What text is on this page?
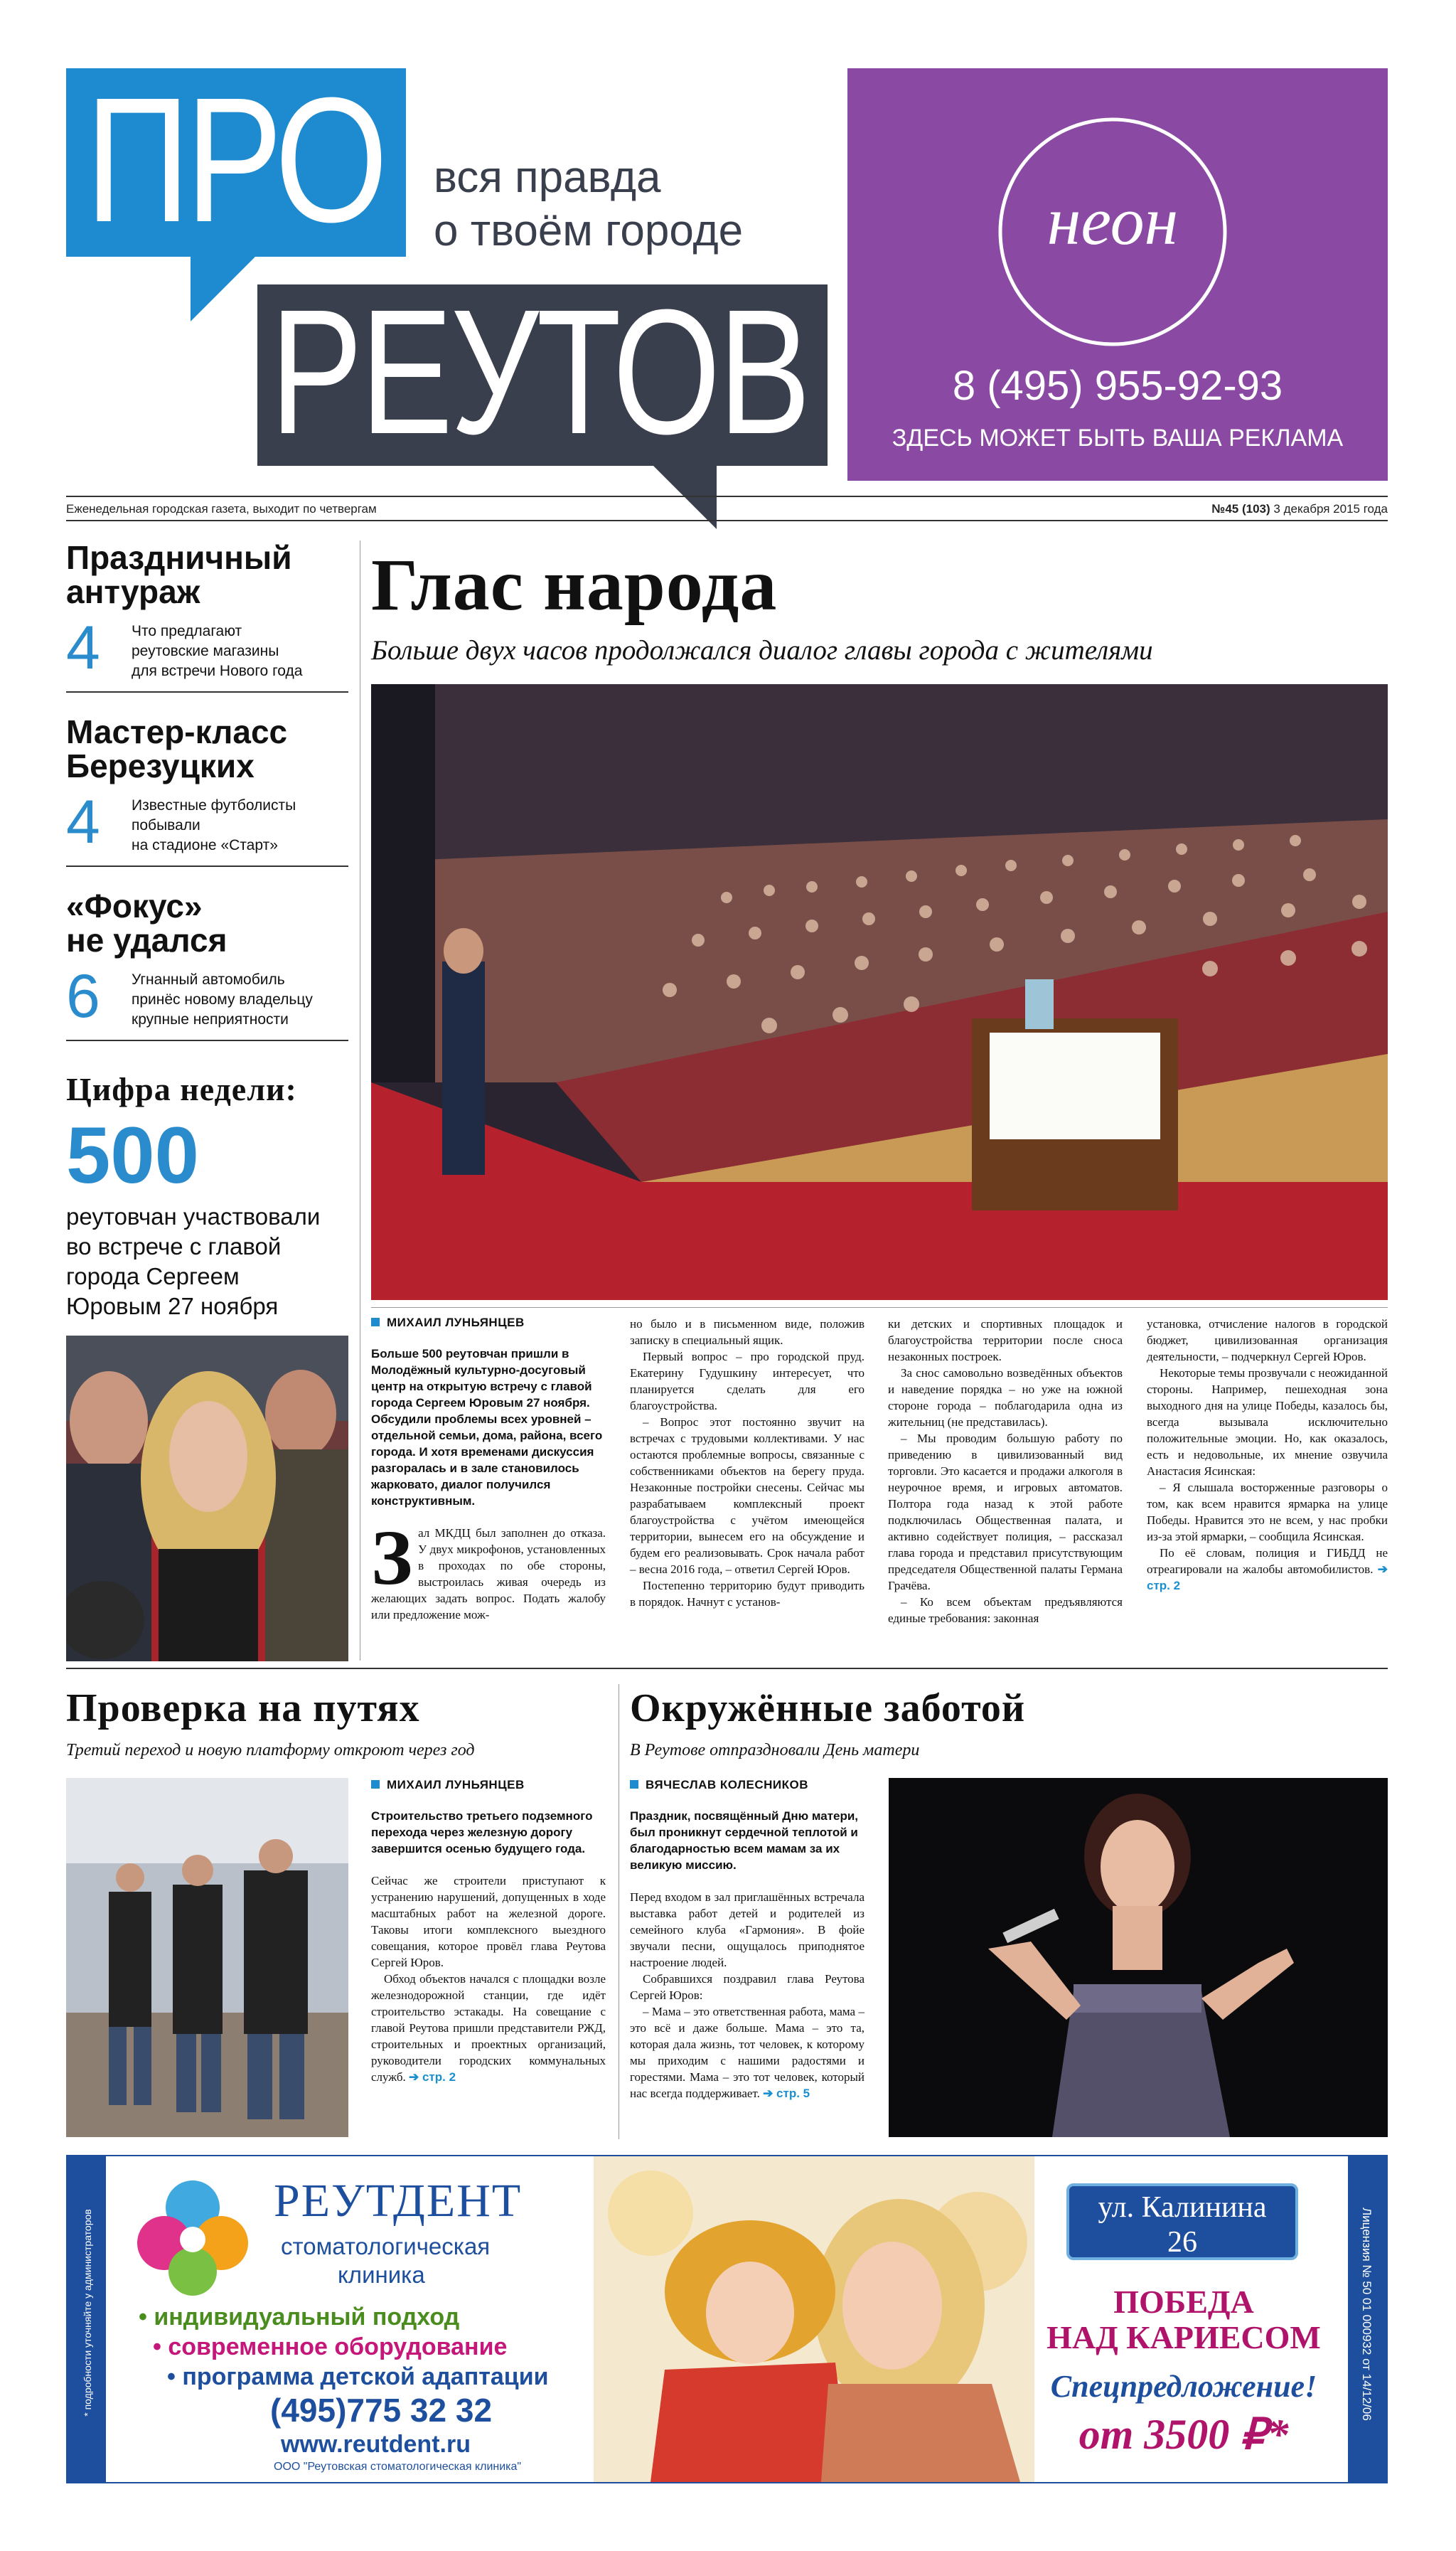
ПРО вся правда
о твоём городе
РЕУТОВ
неон
8 (495) 955-92-93
ЗДЕСЬ МОЖЕТ БЫТЬ ВАША РЕКЛАМА
Еженедельная городская газета, выходит по четвергам	№45 (103) 3 декабря 2015 года
Праздничный
антураж
4 Что предлагают
реутовские магазины
для встречи Нового года
Мастер-класс
Березуцких
4 Известные футболисты
побывали
на стадионе «Старт»
«Фокус»
не удался
6 Угнанный автомобиль
принёс новому владельцу
крупные неприятности
Цифра недели:
500
реутовчан участвовали
во встрече с главой
города Сергеем
Юровым 27 ноября
Глас народа
Больше двух часов продолжался диалог главы города с жителями
МИХАИЛ ЛУНЬЯНЦЕВ

Больше 500 реутовчан пришли в Молодёжный культурно-досуговый центр на открытую встречу с главой города Сергеем Юровым 27 ноября. Обсудили проблемы всех уровней – отдельной семьи, дома, района, всего города. И хотя временами дискуссия разгоралась и в зале становилось жарковато, диалог получился конструктивным.

З ал МКДЦ был заполнен до отказа. У двух микрофонов, установленных в проходах по обе стороны, выстроилась живая очередь из желающих задать вопрос. Подать жалобу или предложение мож-

но было и в письменном виде, положив записку в специальный ящик.

Первый вопрос – про городской пруд. Екатерину Гудушкину интересует, что планируется сделать для его благоустройства.

– Вопрос этот постоянно звучит на встречах с трудовыми коллективами. У нас остаются проблемные вопросы, связанные с собственниками объектов на берегу пруда. Незаконные постройки снесены. Сейчас мы разрабатываем комплексный проект благоустройства с учётом имеющейся территории, вынесем его на обсуждение и будем его реализовывать. Срок начала работ – весна 2016 года, – ответил Сергей Юров.

Постепенно территорию будут приводить в порядок. Начнут с установ-

ки детских и спортивных площадок и благоустройства территории после сноса незаконных построек.

За снос самовольно возведённых объектов и наведение порядка – но уже на южной стороне города – поблагодарила одна из жительниц (не представилась).

– Мы проводим большую работу по приведению в цивилизованный вид торговли. Это касается и продажи алкоголя в неурочное время, и игровых автоматов. Полтора года назад к этой работе подключилась Общественная палата, и активно содействует полиция, – рассказал глава города и представил присутствующим председателя Общественной палаты Германа Грачёва.

– Ко всем объектам предъявляются единые требования: законная

установка, отчисление налогов в городской бюджет, цивилизованная организация деятельности, – подчеркнул Сергей Юров.

Некоторые темы прозвучали с неожиданной стороны. Например, пешеходная зона выходного дня на улице Победы, казалось бы, всегда вызывала исключительно положительные эмоции. Но, как оказалось, есть и недовольные, их мнение озвучила Анастасия Ясинская:

– Я слышала восторженные разговоры о том, как всем нравится ярмарка на улице Победы. Нравится это не всем, у нас пробки из-за этой ярмарки, – сообщила Ясинская.

По её словам, полиция и ГИБДД не отреагировали на жалобы автомобилистов. ➔ стр. 2

Проверка на путях
Третий переход и новую платформу откроют через год
МИХАИЛ ЛУНЬЯНЦЕВ

Строительство третьего подземного перехода через железную дорогу завершится осенью будущего года.

Сейчас же строители приступают к устранению нарушений, допущенных в ходе масштабных работ на железной дороге. Таковы итоги комплексного выездного совещания, которое провёл глава Реутова Сергей Юров.

Обход объектов начался с площадки возле железнодорожной станции, где идёт строительство эстакады. На совещание с главой Реутова пришли представители РЖД, строительных и проектных организаций, руководители городских коммунальных служб. ➔ стр. 2

Окружённые заботой
В Реутове отпраздновали День матери
ВЯЧЕСЛАВ КОЛЕСНИКОВ

Праздник, посвящённый Дню матери, был проникнут сердечной теплотой и благодарностью всем мамам за их великую миссию.

Перед входом в зал приглашённых встречала выставка работ детей и родителей из семейного клуба «Гармония». В фойе звучали песни, ощущалось приподнятое настроение людей.

Собравшихся поздравил глава Реутова Сергей Юров:

– Мама – это ответственная работа, мама – это всё и даже больше. Мама – это та, которая дала жизнь, тот человек, к которому мы приходим с нашими радостями и горестями. Мама – это тот человек, который нас всегда поддерживает. ➔ стр. 5

* подробности уточняйте у администраторов	Лицензия № 50 01 000932 от 14/12/06
РЕУТДЕНТ
стоматологическая
клиника
• индивидуальный подход
• современное оборудование
• программа детской адаптации
(495)775 32 32
www.reutdent.ru
ООО "Реутовская стоматологическая клиника"
ул. Калинина
26
ПОБЕДА
НАД КАРИЕСОМ
Спецпредложение!
от 3500 ₽*
